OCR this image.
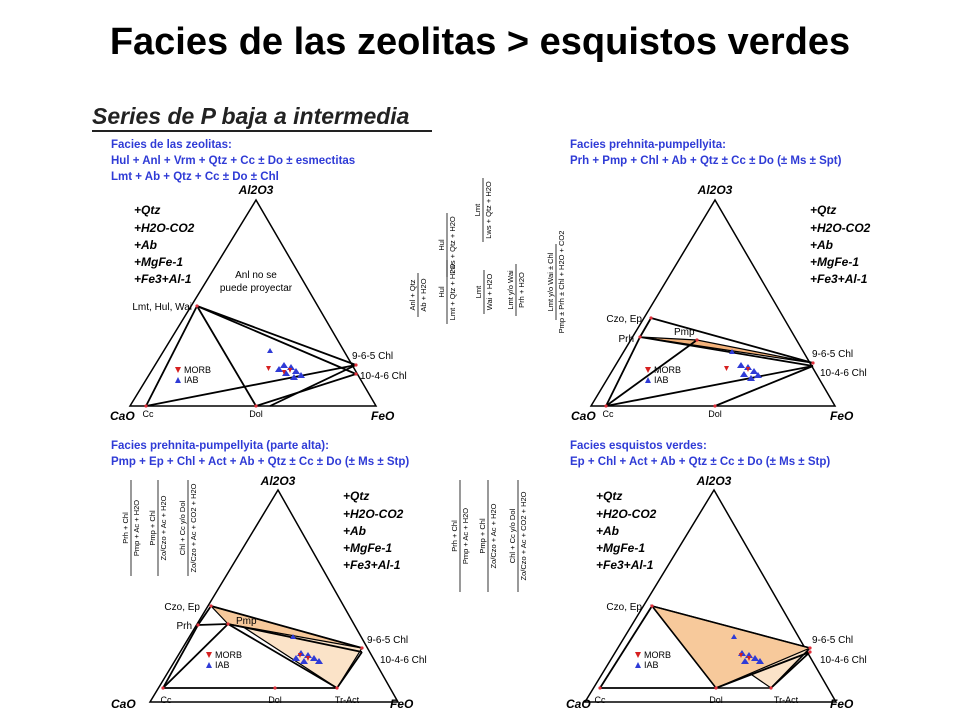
Facies de las zeolitas > esquistos verdes
Series de P baja a intermedia
Facies de las zeolitas:
Hul + Anl + Vrm + Qtz + Cc ± Do ± esmectitas
Lmt + Ab + Qtz + Cc ± Do ± Chl
Al2O3
+Qtz
+H2O-CO2
+Ab
+MgFe-1
+Fe3+Al-1	Anl no se
puede proyectar
Lmt, Hul, Wai
9-6-5 Chl
10-4-6 Chl
Cc	Dol
CaO	FeO
MORB
IAB
Facies prehnita-pumpellyita:
Prh + Pmp + Chl + Ab + Qtz ± Cc ± Do (± Ms ± Spt)
Al2O3
+Qtz
+H2O-CO2
+Ab
+MgFe-1
+Fe3+Al-1
Czo, Ep
Prh
Pmp
9-6-5 Chl
10-4-6 Chl
Cc	Dol
CaO	FeO
MORB
IAB
Facies prehnita-pumpellyita (parte alta):
Pmp + Ep + Chl + Act + Ab + Qtz ± Cc ± Do (± Ms ± Stp)
Al2O3
+Qtz
+H2O-CO2
+Ab
+MgFe-1
+Fe3+Al-1
Czo, Ep
Prh	Pmp
9-6-5 Chl
10-4-6 Chl
Cc	Dol	Tr-Act
CaO	FeO
MORB
IAB
Facies esquistos verdes:
Ep + Chl + Act + Ab + Qtz ± Cc ± Do (± Ms ± Stp)
Al2O3
+Qtz
+H2O-CO2
+Ab
+MgFe-1
+Fe3+Al-1
Czo, Ep
9-6-5 Chl
10-4-6 Chl
Cc	Dol	Tr-Act
CaO	FeO
MORB
IAB
Hul Lws + Qtz + H2O
Lmt Lws + Qtz + H2O
Anl + Qtz Ab + H2O Hul Lmt + Qtz + H2O Lmt Wai + H2O Lmt y/o Wai Prh + H2O	Lmt y/o Wai ± Chl Pmp ± Prh ± Chl + H2O + CO2
Prh + Chl Pmp + Ac + H2O Pmp + Chl Zo/Czo + Ac + H2O Chl + Cc y/o Dol Zo/Czo + Ac + CO2 + H2O	Prh + Chl Pmp + Ac + H2O Pmp + Chl Zo/Czo + Ac + H2O Chl + Cc y/o Dol Zo/Czo + Ac + CO2 + H2O
